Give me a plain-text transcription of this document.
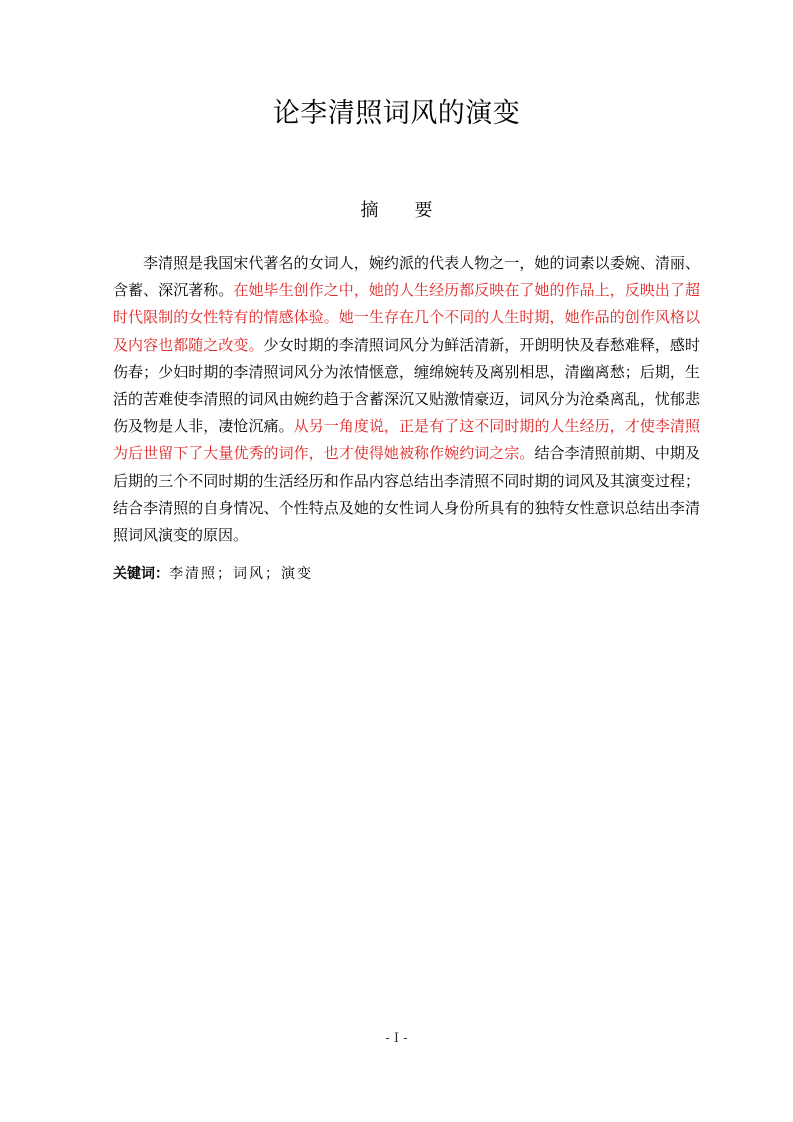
论李清照词风的演变
摘 要
李清照是我国宋代著名的女词人，婉约派的代表人物之一，她的词素以委婉、清丽、含蓄、深沉著称。在她毕生创作之中，她的人生经历都反映在了她的作品上，反映出了超时代限制的女性特有的情感体验。她一生存在几个不同的人生时期，她作品的创作风格以及内容也都随之改变。少女时期的李清照词风分为鲜活清新，开朗明快及春愁难释，感时伤春；少妇时期的李清照词风分为浓情惬意，缠绵婉转及离别相思，清幽离愁；后期，生活的苦难使李清照的词风由婉约趋于含蓄深沉又贴激情豪迈，词风分为沧桑离乱，忧郁悲伤及物是人非，凄怆沉痛。从另一角度说，正是有了这不同时期的人生经历，才使李清照为后世留下了大量优秀的词作，也才使得她被称作婉约词之宗。结合李清照前期、中期及后期的三个不同时期的生活经历和作品内容总结出李清照不同时期的词风及其演变过程；结合李清照的自身情况、个性特点及她的女性词人身份所具有的独特女性意识总结出李清照词风演变的原因。
关键词：李清照；词风；演变
- I -
